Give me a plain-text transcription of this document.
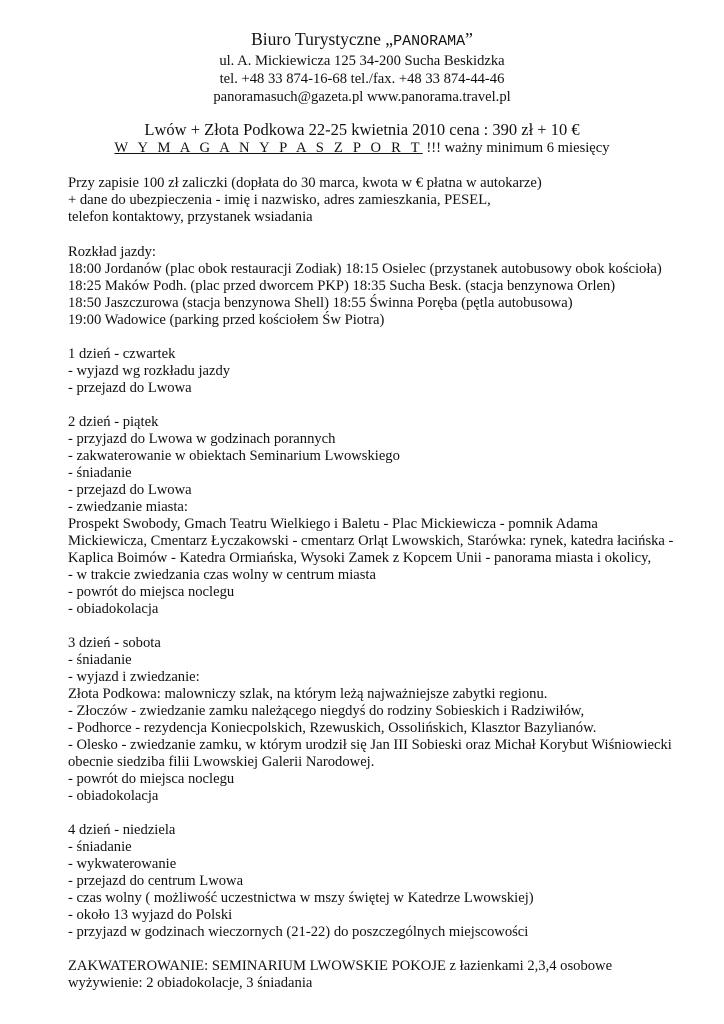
Biuro Turystyczne „PANORAMA”
ul. A. Mickiewicza 125 34-200 Sucha Beskidzka
tel. +48 33 874-16-68 tel./fax. +48 33 874-44-46
panoramasuch@gazeta.pl www.panorama.travel.pl
Lwów + Złota Podkowa 22-25 kwietnia 2010 cena : 390 zł + 10 €
W Y M A G A N Y P A S Z P O R T !!! ważny minimum 6 miesięcy
Przy zapisie 100 zł zaliczki (dopłata do 30 marca, kwota w € płatna w autokarze)
+ dane do ubezpieczenia - imię i nazwisko, adres zamieszkania, PESEL,
telefon kontaktowy, przystanek wsiadania
Rozkład jazdy:
18:00 Jordanów (plac obok restauracji Zodiak) 18:15 Osielec (przystanek autobusowy obok kościoła)
18:25 Maków Podh. (plac przed dworcem PKP) 18:35 Sucha Besk. (stacja benzynowa Orlen)
18:50 Jaszczurowa (stacja benzynowa Shell) 18:55 Świnna Poręba (pętla autobusowa)
19:00 Wadowice (parking przed kościołem Św Piotra)
1 dzień - czwartek
- wyjazd wg rozkładu jazdy
- przejazd do Lwowa
2 dzień - piątek
- przyjazd do Lwowa w godzinach porannych
- zakwaterowanie w obiektach Seminarium Lwowskiego
- śniadanie
- przejazd do Lwowa
- zwiedzanie miasta:
Prospekt Swobody, Gmach Teatru Wielkiego i Baletu - Plac Mickiewicza - pomnik Adama
Mickiewicza, Cmentarz Łyczakowski - cmentarz Orląt Lwowskich, Starówka: rynek, katedra łacińska -
Kaplica Boimów - Katedra Ormiańska, Wysoki Zamek z Kopcem Unii - panorama miasta i okolicy,
- w trakcie zwiedzania czas wolny w centrum miasta
- powrót do miejsca noclegu
- obiadokolacja
3 dzień - sobota
- śniadanie
- wyjazd i zwiedzanie:
Złota Podkowa: malowniczy szlak, na którym leżą najważniejsze zabytki regionu.
- Złoczów - zwiedzanie zamku należącego niegdyś do rodziny Sobieskich i Radziwiłów,
- Podhorce - rezydencja Koniecpolskich, Rzewuskich, Ossolińskich, Klasztor Bazylianów.
- Olesko - zwiedzanie zamku, w którym urodził się Jan III Sobieski oraz Michał Korybut Wiśniowiecki
obecnie siedziba filii Lwowskiej Galerii Narodowej.
- powrót do miejsca noclegu
- obiadokolacja
4 dzień - niedziela
- śniadanie
- wykwaterowanie
- przejazd do centrum Lwowa
- czas wolny ( możliwość uczestnictwa w mszy świętej w Katedrze Lwowskiej)
- około 13 wyjazd do Polski
- przyjazd w godzinach wieczornych (21-22) do poszczególnych miejscowości
ZAKWATEROWANIE: SEMINARIUM LWOWSKIE POKOJE z łazienkami 2,3,4 osobowe
wyżywienie: 2 obiadokolacje, 3 śniadania
